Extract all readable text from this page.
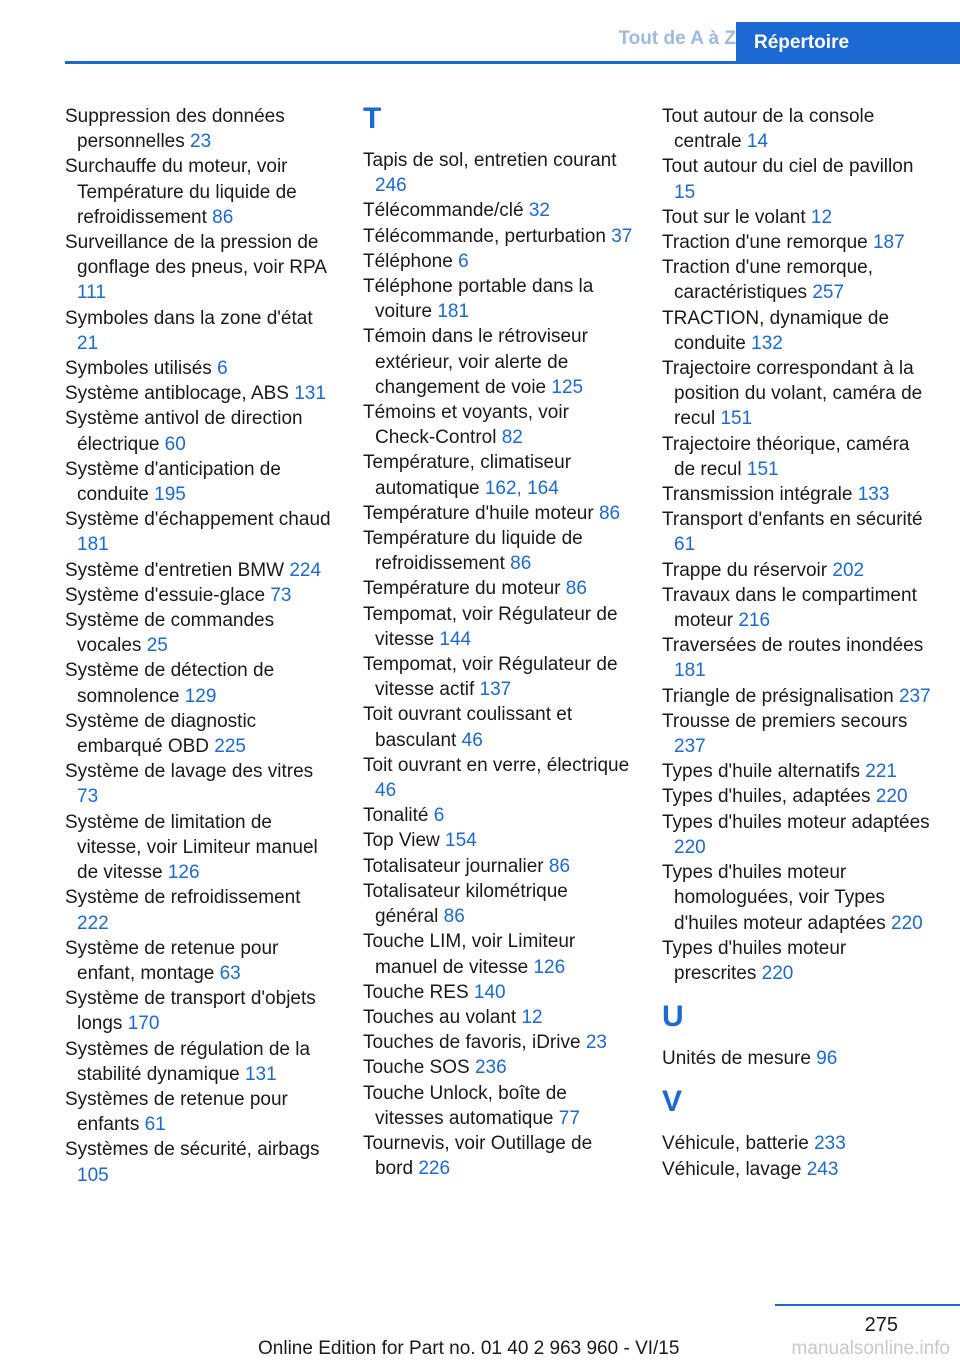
Tout de A à Z Répertoire

Suppression des données personnelles 23

Surchauffe du moteur, voir Température du liquide de refroidissement 86

Surveillance de la pression de gonflage des pneus, voir RPA 111

Symboles dans la zone d'état 21

Symboles utilisés 6

Système antiblocage, ABS 131

Système antivol de direction électrique 60

Système d'anticipation de conduite 195

Système d'échappement chaud 181

Système d'entretien BMW 224

Système d'essuie-glace 73

Système de commandes vocales 25

Système de détection de somnolence 129

Système de diagnostic embarqué OBD 225

Système de lavage des vitres 73

Système de limitation de vitesse, voir Limiteur manuel de vitesse 126

Système de refroidissement 222

Système de retenue pour enfant, montage 63

Système de transport d'objets longs 170

Systèmes de régulation de la stabilité dynamique 131

Systèmes de retenue pour enfants 61

Systèmes de sécurité, airbags 105

T

Tapis de sol, entretien courant 246

Télécommande/clé 32

Télécommande, perturbation 37

Téléphone 6

Téléphone portable dans la voiture 181

Témoin dans le rétroviseur extérieur, voir alerte de changement de voie 125

Témoins et voyants, voir Check-Control 82

Température, climatiseur automatique 162, 164

Température d'huile moteur 86

Température du liquide de refroidissement 86

Température du moteur 86

Tempomat, voir Régulateur de vitesse 144

Tempomat, voir Régulateur de vitesse actif 137

Toit ouvrant coulissant et basculant 46

Toit ouvrant en verre, électrique 46

Tonalité 6

Top View 154

Totalisateur journalier 86

Totalisateur kilométrique général 86

Touche LIM, voir Limiteur manuel de vitesse 126

Touche RES 140

Touches au volant 12

Touches de favoris, iDrive 23

Touche SOS 236

Touche Unlock, boîte de vitesses automatique 77

Tournevis, voir Outillage de bord 226

Tout autour de la console centrale 14

Tout autour du ciel de pavillon 15

Tout sur le volant 12

Traction d'une remorque 187

Traction d'une remorque, caractéristiques 257

TRACTION, dynamique de conduite 132

Trajectoire correspondant à la position du volant, caméra de recul 151

Trajectoire théorique, caméra de recul 151

Transmission intégrale 133

Transport d'enfants en sécurité 61

Trappe du réservoir 202

Travaux dans le compartiment moteur 216

Traversées de routes inondées 181

Triangle de présignalisation 237

Trousse de premiers secours 237

Types d'huile alternatifs 221

Types d'huiles, adaptées 220

Types d'huiles moteur adaptées 220

Types d'huiles moteur homologuées, voir Types d'huiles moteur adaptées 220

Types d'huiles moteur prescrites 220

U

Unités de mesure 96

V

Véhicule, batterie 233

Véhicule, lavage 243

275
Online Edition for Part no. 01 40 2 963 960 - VI/15	manualsonline.info
